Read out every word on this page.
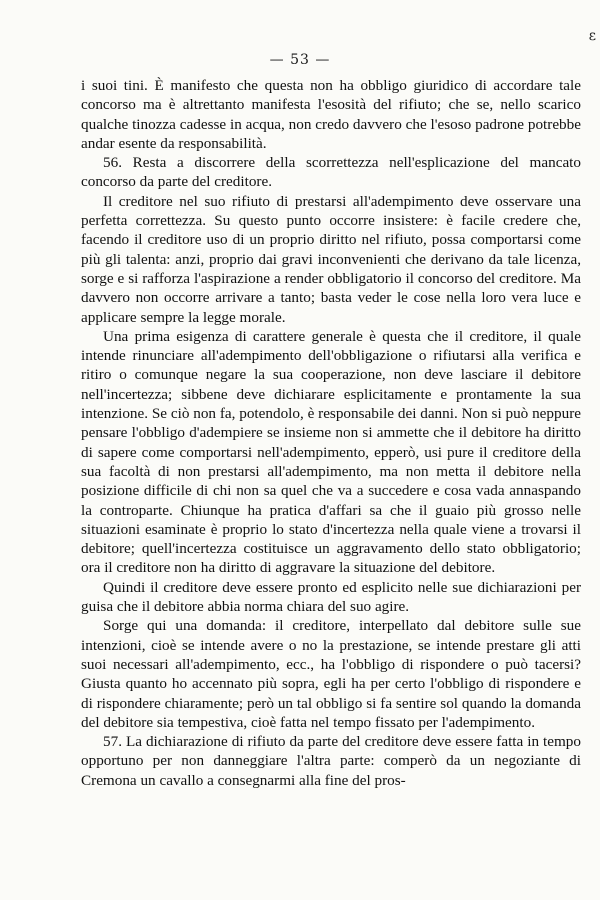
ε
— 53 —

i suoi tini. È manifesto che questa non ha obbligo giuridico di accordare tale concorso ma è altrettanto manifesta l'esosità del rifiuto; che se, nello scarico qualche tinozza cadesse in acqua, non credo davvero che l'esoso padrone potrebbe andar esente da responsabilità.

56. Resta a discorrere della scorrettezza nell'esplicazione del mancato concorso da parte del creditore.

Il creditore nel suo rifiuto di prestarsi all'adempimento deve osservare una perfetta correttezza. Su questo punto occorre insistere: è facile credere che, facendo il creditore uso di un proprio diritto nel rifiuto, possa comportarsi come più gli talenta: anzi, proprio dai gravi inconvenienti che derivano da tale licenza, sorge e si rafforza l'aspirazione a render obbligatorio il concorso del creditore. Ma davvero non occorre arrivare a tanto; basta veder le cose nella loro vera luce e applicare sempre la legge morale.

Una prima esigenza di carattere generale è questa che il creditore, il quale intende rinunciare all'adempimento dell'obbligazione o rifiutarsi alla verifica e ritiro o comunque negare la sua cooperazione, non deve lasciare il debitore nell'incertezza; sibbene deve dichiarare esplicitamente e prontamente la sua intenzione. Se ciò non fa, potendolo, è responsabile dei danni. Non si può neppure pensare l'obbligo d'adempiere se insieme non si ammette che il debitore ha diritto di sapere come comportarsi nell'adempimento, epperò, usi pure il creditore della sua facoltà di non prestarsi all'adempimento, ma non metta il debitore nella posizione difficile di chi non sa quel che va a succedere e cosa vada annaspando la controparte. Chiunque ha pratica d'affari sa che il guaio più grosso nelle situazioni esaminate è proprio lo stato d'incertezza nella quale viene a trovarsi il debitore; quell'incertezza costituisce un aggravamento dello stato obbligatorio; ora il creditore non ha diritto di aggravare la situazione del debitore.

Quindi il creditore deve essere pronto ed esplicito nelle sue dichiarazioni per guisa che il debitore abbia norma chiara del suo agire.

Sorge qui una domanda: il creditore, interpellato dal debitore sulle sue intenzioni, cioè se intende avere o no la prestazione, se intende prestare gli atti suoi necessari all'adempimento, ecc., ha l'obbligo di rispondere o può tacersi? Giusta quanto ho accennato più sopra, egli ha per certo l'obbligo di rispondere e di rispondere chiaramente; però un tal obbligo si fa sentire sol quando la domanda del debitore sia tempestiva, cioè fatta nel tempo fissato per l'adempimento.

57. La dichiarazione di rifiuto da parte del creditore deve essere fatta in tempo opportuno per non danneggiare l'altra parte: comperò da un negoziante di Cremona un cavallo a consegnarmi alla fine del pros-
